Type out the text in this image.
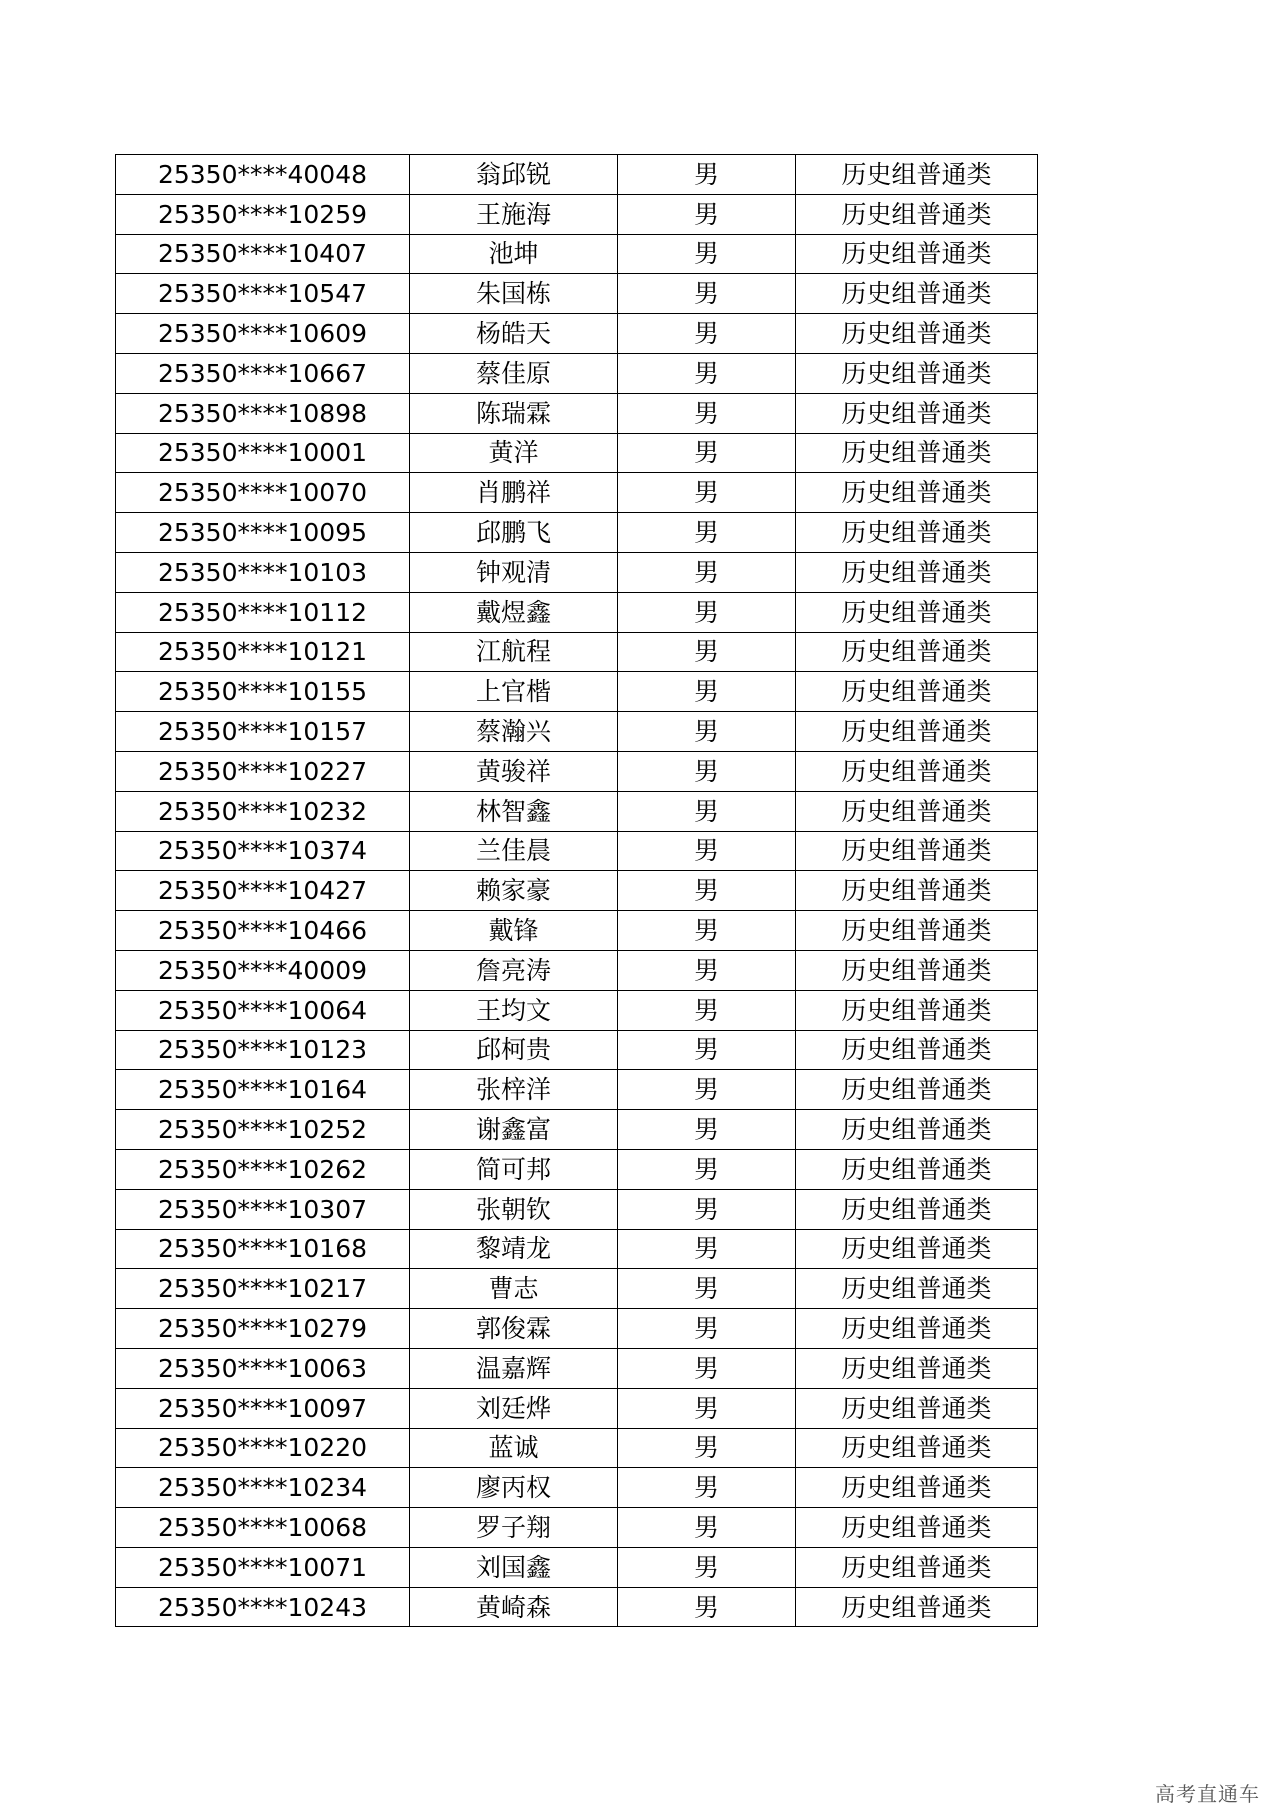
25350****40048	翁邱锐	男	历史组普通类
25350****10259	王施海	男	历史组普通类
25350****10407	池坤	男	历史组普通类
25350****10547	朱国栋	男	历史组普通类
25350****10609	杨皓天	男	历史组普通类
25350****10667	蔡佳原	男	历史组普通类
25350****10898	陈瑞霖	男	历史组普通类
25350****10001	黄洋	男	历史组普通类
25350****10070	肖鹏祥	男	历史组普通类
25350****10095	邱鹏飞	男	历史组普通类
25350****10103	钟观清	男	历史组普通类
25350****10112	戴煜鑫	男	历史组普通类
25350****10121	江航程	男	历史组普通类
25350****10155	上官楷	男	历史组普通类
25350****10157	蔡瀚兴	男	历史组普通类
25350****10227	黄骏祥	男	历史组普通类
25350****10232	林智鑫	男	历史组普通类
25350****10374	兰佳晨	男	历史组普通类
25350****10427	赖家豪	男	历史组普通类
25350****10466	戴锋	男	历史组普通类
25350****40009	詹亮涛	男	历史组普通类
25350****10064	王均文	男	历史组普通类
25350****10123	邱柯贵	男	历史组普通类
25350****10164	张梓洋	男	历史组普通类
25350****10252	谢鑫富	男	历史组普通类
25350****10262	简可邦	男	历史组普通类
25350****10307	张朝钦	男	历史组普通类
25350****10168	黎靖龙	男	历史组普通类
25350****10217	曹志	男	历史组普通类
25350****10279	郭俊霖	男	历史组普通类
25350****10063	温嘉辉	男	历史组普通类
25350****10097	刘廷烨	男	历史组普通类
25350****10220	蓝诚	男	历史组普通类
25350****10234	廖丙权	男	历史组普通类
25350****10068	罗子翔	男	历史组普通类
25350****10071	刘国鑫	男	历史组普通类
25350****10243	黄崎森	男	历史组普通类
高考直通车
